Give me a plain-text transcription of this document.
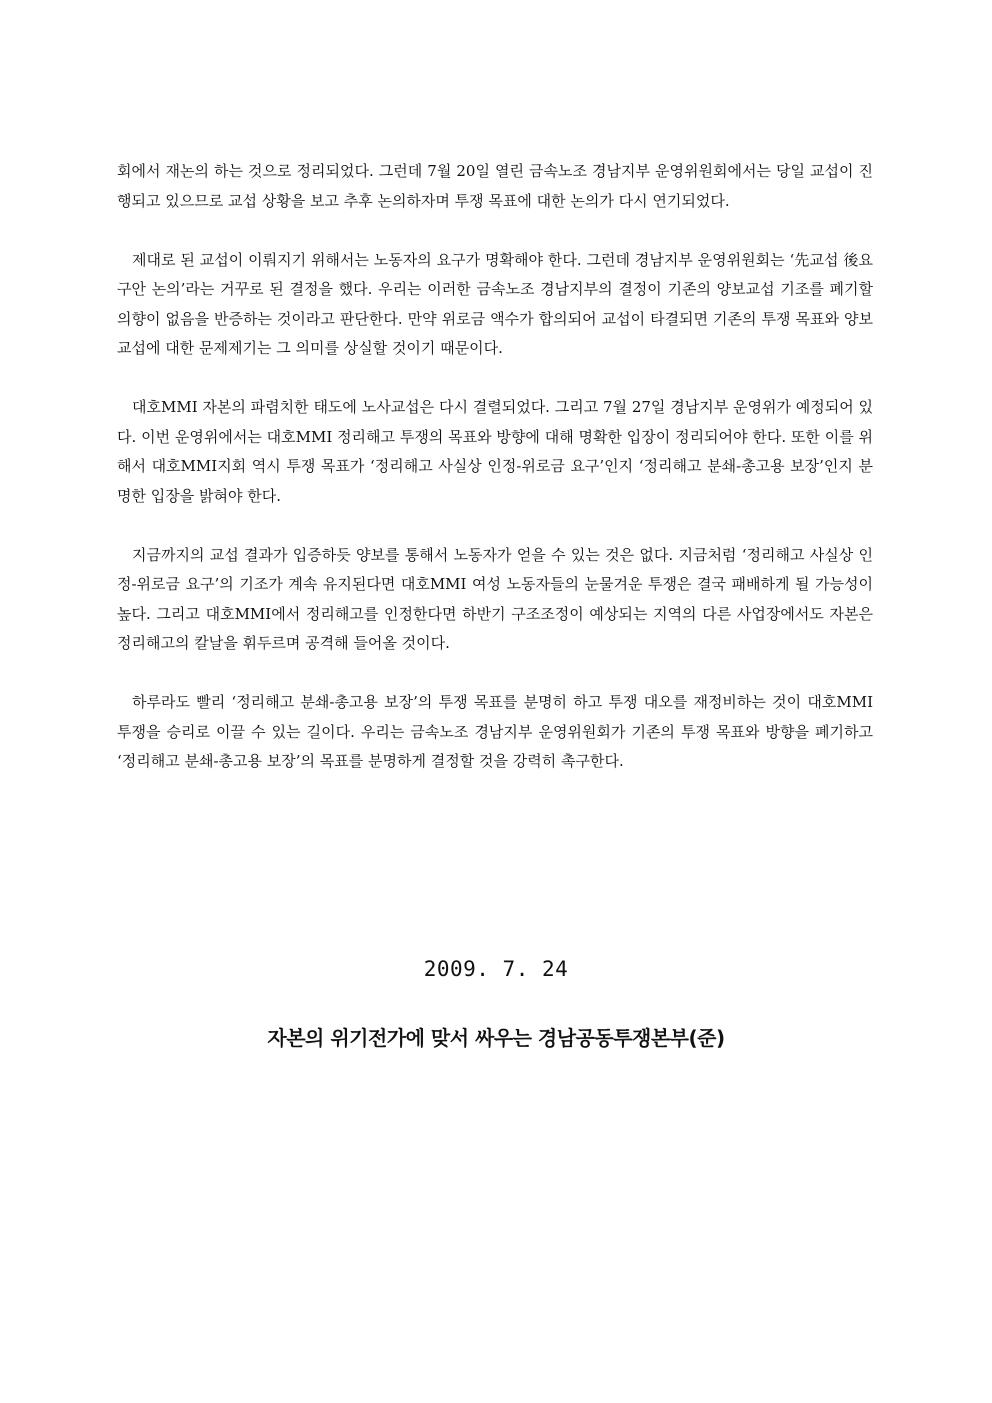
회에서 재논의 하는 것으로 정리되었다. 그런데 7월 20일 열린 금속노조 경남지부 운영위원회에서는 당일 교섭이 진행되고 있으므로 교섭 상황을 보고 추후 논의하자며 투쟁 목표에 대한 논의가 다시 연기되었다.

제대로 된 교섭이 이뤄지기 위해서는 노동자의 요구가 명확해야 한다. 그런데 경남지부 운영위원회는 ‘先교섭 後요구안 논의’라는 거꾸로 된 결정을 했다. 우리는 이러한 금속노조 경남지부의 결정이 기존의 양보교섭 기조를 폐기할 의향이 없음을 반증하는 것이라고 판단한다. 만약 위로금 액수가 합의되어 교섭이 타결되면 기존의 투쟁 목표와 양보교섭에 대한 문제제기는 그 의미를 상실할 것이기 때문이다.

대호MMI 자본의 파렴치한 태도에 노사교섭은 다시 결렬되었다. 그리고 7월 27일 경남지부 운영위가 예정되어 있다. 이번 운영위에서는 대호MMI 정리해고 투쟁의 목표와 방향에 대해 명확한 입장이 정리되어야 한다. 또한 이를 위해서 대호MMI지회 역시 투쟁 목표가 ‘정리해고 사실상 인정-위로금 요구’인지 ‘정리해고 분쇄-총고용 보장’인지 분명한 입장을 밝혀야 한다.

지금까지의 교섭 결과가 입증하듯 양보를 통해서 노동자가 얻을 수 있는 것은 없다. 지금처럼 ‘정리해고 사실상 인정-위로금 요구’의 기조가 계속 유지된다면 대호MMI 여성 노동자들의 눈물겨운 투쟁은 결국 패배하게 될 가능성이 높다. 그리고 대호MMI에서 정리해고를 인정한다면 하반기 구조조정이 예상되는 지역의 다른 사업장에서도 자본은 정리해고의 칼날을 휘두르며 공격해 들어올 것이다.

하루라도 빨리 ‘정리해고 분쇄-총고용 보장’의 투쟁 목표를 분명히 하고 투쟁 대오를 재정비하는 것이 대호MMI 투쟁을 승리로 이끌 수 있는 길이다. 우리는 금속노조 경남지부 운영위원회가 기존의 투쟁 목표와 방향을 폐기하고 ‘정리해고 분쇄-총고용 보장’의 목표를 분명하게 결정할 것을 강력히 촉구한다.

2009. 7. 24
자본의 위기전가에 맞서 싸우는 경남공동투쟁본부(준)
